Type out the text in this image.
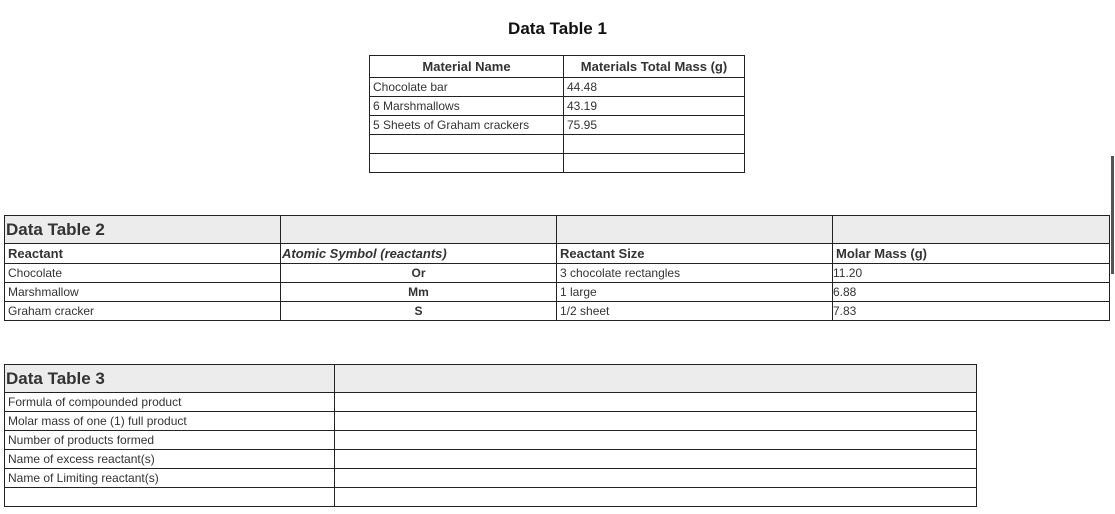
Data Table 1
Material Name	Materials Total Mass (g)
Chocolate bar	44.48
6 Marshmallows	43.19
5 Sheets of Graham crackers	75.95

Data Table 2			
Reactant	Atomic Symbol (reactants)	Reactant Size	Molar Mass (g)
Chocolate	Or	3 chocolate rectangles	11.20
Marshmallow	Mm	1 large	6.88
Graham cracker	S	1/2 sheet	7.83
Data Table 3	
Formula of compounded product	
Molar mass of one (1) full product	
Number of products formed	
Name of excess reactant(s)	
Name of Limiting reactant(s)	
